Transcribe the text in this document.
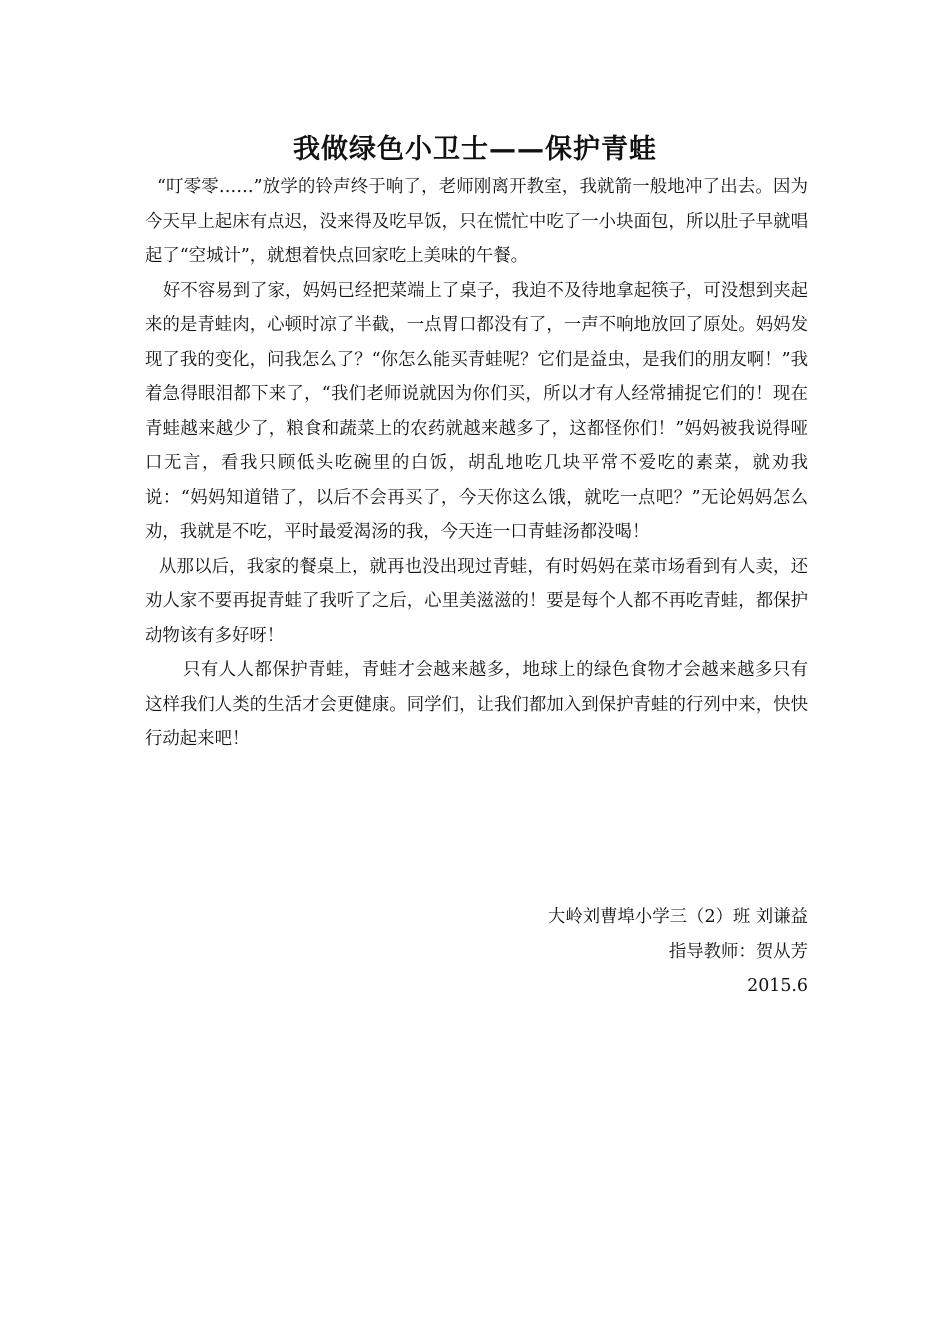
我做绿色小卫士——保护青蛙

“叮零零……”放学的铃声终于响了，老师刚离开教室，我就箭一般地冲了出去。因为今天早上起床有点迟，没来得及吃早饭，只在慌忙中吃了一小块面包，所以肚子早就唱起了“空城计”，就想着快点回家吃上美味的午餐。

好不容易到了家，妈妈已经把菜端上了桌子，我迫不及待地拿起筷子，可没想到夹起来的是青蛙肉，心顿时凉了半截，一点胃口都没有了，一声不响地放回了原处。妈妈发现了我的变化，问我怎么了？“你怎么能买青蛙呢？它们是益虫，是我们的朋友啊！”我着急得眼泪都下来了，“我们老师说就因为你们买，所以才有人经常捕捉它们的！现在青蛙越来越少了，粮食和蔬菜上的农药就越来越多了，这都怪你们！”妈妈被我说得哑口无言，看我只顾低头吃碗里的白饭，胡乱地吃几块平常不爱吃的素菜，就劝我说：“妈妈知道错了，以后不会再买了，今天你这么饿，就吃一点吧？”无论妈妈怎么劝，我就是不吃，平时最爱渴汤的我，今天连一口青蛙汤都没喝！

从那以后，我家的餐桌上，就再也没出现过青蛙，有时妈妈在菜市场看到有人卖，还劝人家不要再捉青蛙了我听了之后，心里美滋滋的！要是每个人都不再吃青蛙，都保护动物该有多好呀！

只有人人都保护青蛙，青蛙才会越来越多，地球上的绿色食物才会越来越多只有这样我们人类的生活才会更健康。同学们，让我们都加入到保护青蛙的行列中来，快快行动起来吧！

大岭刘曹埠小学三（2）班 刘谦益
指导教师：贺从芳
2015.6
